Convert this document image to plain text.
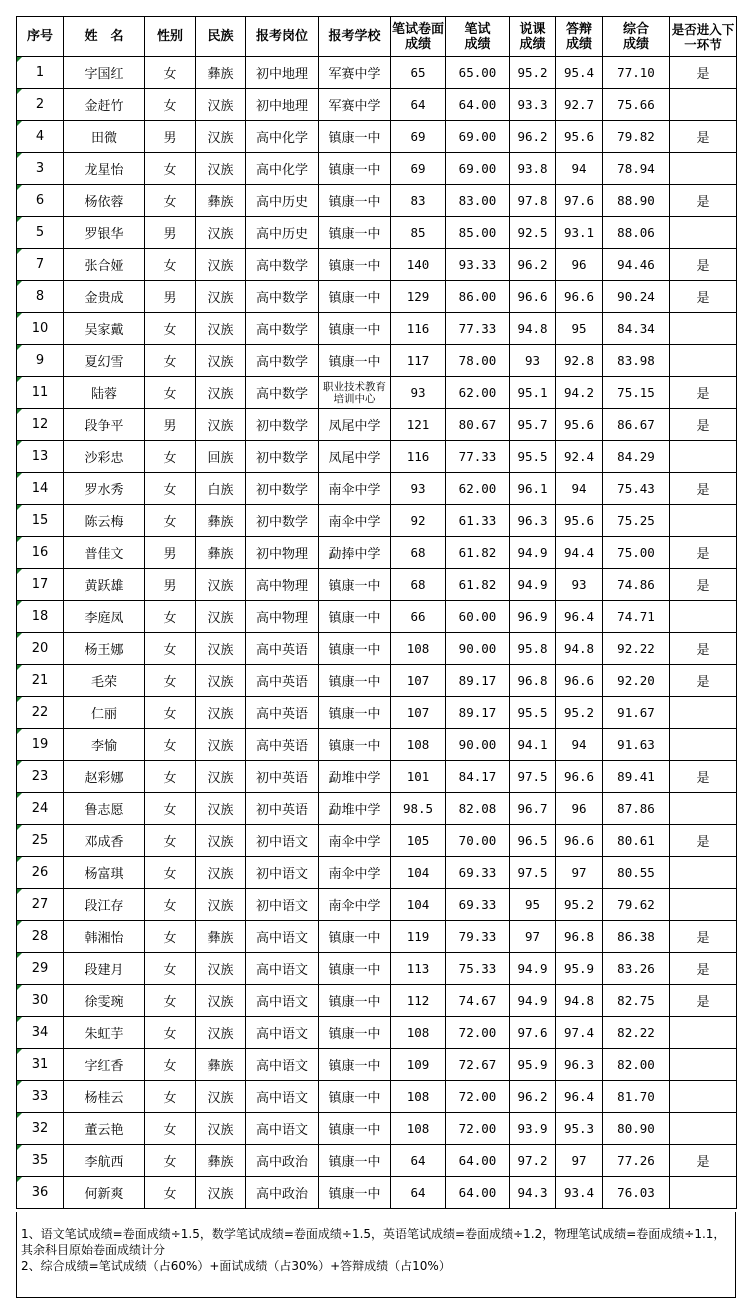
序号	姓　名	性别	民族	报考岗位	报考学校	笔试卷面成绩	笔试成绩	说课成绩	答辩成绩	综合成绩	是否进入下一环节
1	字国红	女	彝族	初中地理	军赛中学	65	65.00	95.2	95.4	77.10	是
2	金赶竹	女	汉族	初中地理	军赛中学	64	64.00	93.3	92.7	75.66	
4	田微	男	汉族	高中化学	镇康一中	69	69.00	96.2	95.6	79.82	是
3	龙星怡	女	汉族	高中化学	镇康一中	69	69.00	93.8	94	78.94	
6	杨依蓉	女	彝族	高中历史	镇康一中	83	83.00	97.8	97.6	88.90	是
5	罗银华	男	汉族	高中历史	镇康一中	85	85.00	92.5	93.1	88.06	
7	张合娅	女	汉族	高中数学	镇康一中	140	93.33	96.2	96	94.46	是
8	金贵成	男	汉族	高中数学	镇康一中	129	86.00	96.6	96.6	90.24	是
10	吴家戴	女	汉族	高中数学	镇康一中	116	77.33	94.8	95	84.34	
9	夏幻雪	女	汉族	高中数学	镇康一中	117	78.00	93	92.8	83.98	
11	陆蓉	女	汉族	高中数学	职业技术教育培训中心	93	62.00	95.1	94.2	75.15	是
12	段争平	男	汉族	初中数学	凤尾中学	121	80.67	95.7	95.6	86.67	是
13	沙彩忠	女	回族	初中数学	凤尾中学	116	77.33	95.5	92.4	84.29	
14	罗水秀	女	白族	初中数学	南伞中学	93	62.00	96.1	94	75.43	是
15	陈云梅	女	彝族	初中数学	南伞中学	92	61.33	96.3	95.6	75.25	
16	普佳文	男	彝族	初中物理	勐捧中学	68	61.82	94.9	94.4	75.00	是
17	黄跃雄	男	汉族	高中物理	镇康一中	68	61.82	94.9	93	74.86	是
18	李庭凤	女	汉族	高中物理	镇康一中	66	60.00	96.9	96.4	74.71	
20	杨王娜	女	汉族	高中英语	镇康一中	108	90.00	95.8	94.8	92.22	是
21	毛荣	女	汉族	高中英语	镇康一中	107	89.17	96.8	96.6	92.20	是
22	仁丽	女	汉族	高中英语	镇康一中	107	89.17	95.5	95.2	91.67	
19	李愉	女	汉族	高中英语	镇康一中	108	90.00	94.1	94	91.63	
23	赵彩娜	女	汉族	初中英语	勐堆中学	101	84.17	97.5	96.6	89.41	是
24	鲁志愿	女	汉族	初中英语	勐堆中学	98.5	82.08	96.7	96	87.86	
25	邓成香	女	汉族	初中语文	南伞中学	105	70.00	96.5	96.6	80.61	是
26	杨富琪	女	汉族	初中语文	南伞中学	104	69.33	97.5	97	80.55	
27	段江存	女	汉族	初中语文	南伞中学	104	69.33	95	95.2	79.62	
28	韩湘怡	女	彝族	高中语文	镇康一中	119	79.33	97	96.8	86.38	是
29	段建月	女	汉族	高中语文	镇康一中	113	75.33	94.9	95.9	83.26	是
30	徐雯琬	女	汉族	高中语文	镇康一中	112	74.67	94.9	94.8	82.75	是
34	朱虹芋	女	汉族	高中语文	镇康一中	108	72.00	97.6	97.4	82.22	
31	字红香	女	彝族	高中语文	镇康一中	109	72.67	95.9	96.3	82.00	
33	杨桂云	女	汉族	高中语文	镇康一中	108	72.00	96.2	96.4	81.70	
32	董云艳	女	汉族	高中语文	镇康一中	108	72.00	93.9	95.3	80.90	
35	李航西	女	彝族	高中政治	镇康一中	64	64.00	97.2	97	77.26	是
36	何新爽	女	汉族	高中政治	镇康一中	64	64.00	94.3	93.4	76.03	

1、语文笔试成绩=卷面成绩÷1.5，数学笔试成绩=卷面成绩÷1.5，英语笔试成绩=卷面成绩÷1.2，物理笔试成绩=卷面成绩÷1.1，其余科目原始卷面成绩计分

2、综合成绩=笔试成绩（占60%）+面试成绩（占30%）+答辩成绩（占10%）
